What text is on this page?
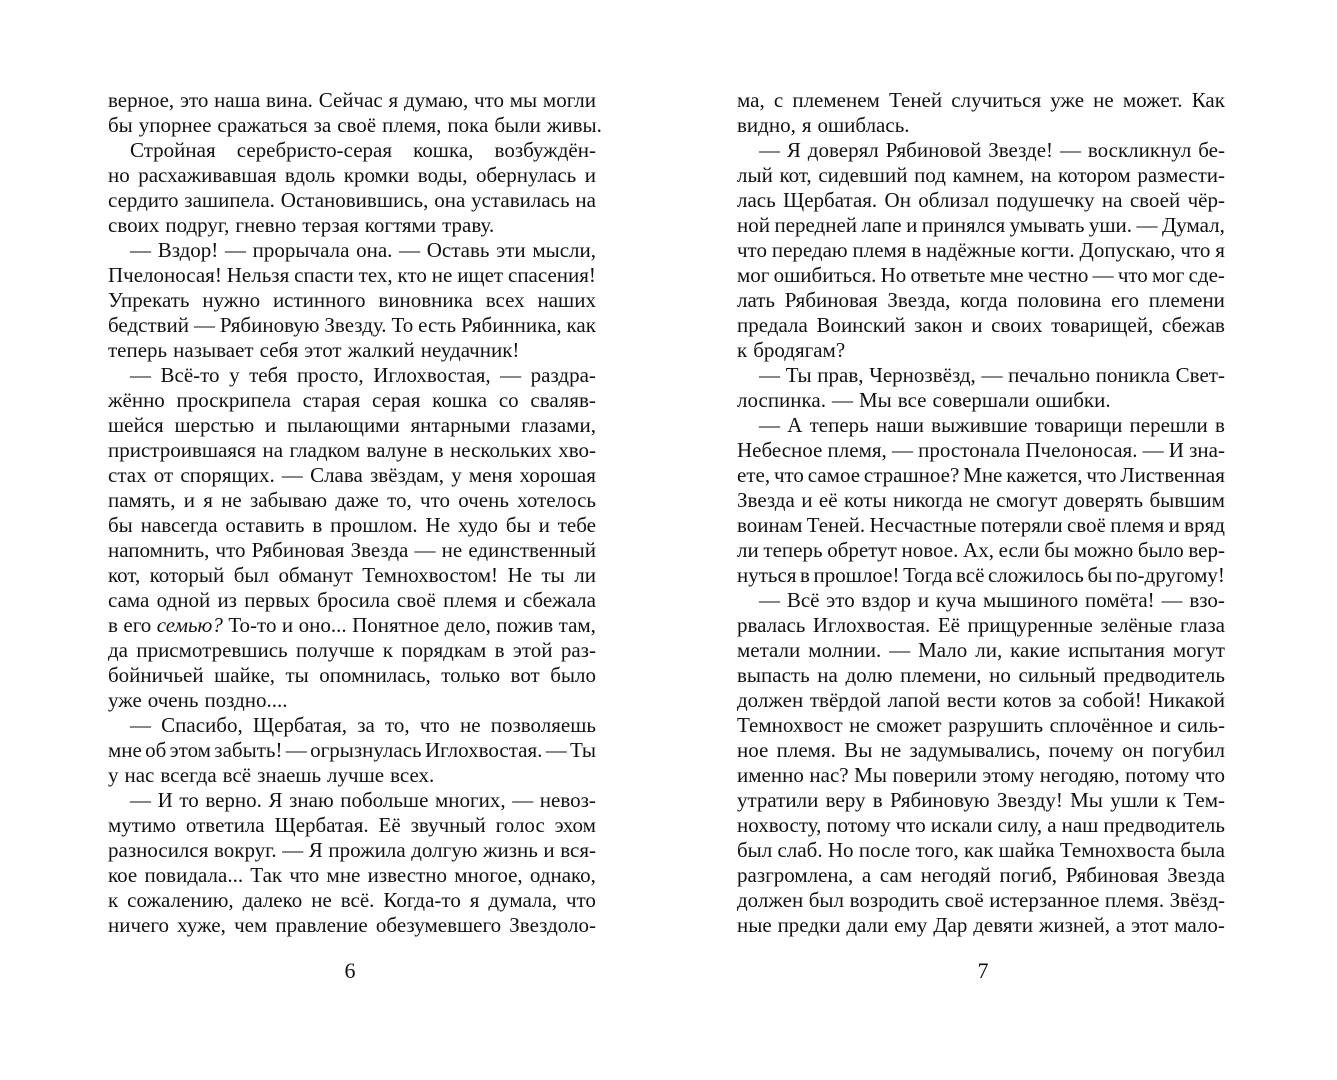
верное, это наша вина. Сейчас я думаю, что мы могли
бы упорнее сражаться за своё племя, пока были живы.
Стройная серебристо-серая кошка, возбуждён-
но расхаживавшая вдоль кромки воды, обернулась и
сердито зашипела. Остановившись, она уставилась на
своих подруг, гневно терзая когтями траву.
— Вздор! — прорычала она. — Оставь эти мысли,
Пчелоносая! Нельзя спасти тех, кто не ищет спасения!
Упрекать нужно истинного виновника всех наших
бедствий — Рябиновую Звезду. То есть Рябинника, как
теперь называет себя этот жалкий неудачник!
— Всё-то у тебя просто, Иглохвостая, — раздра-
жённо проскрипела старая серая кошка со сваляв-
шейся шерстью и пылающими янтарными глазами,
пристроившаяся на гладком валуне в нескольких хво-
стах от спорящих. — Слава звёздам, у меня хорошая
память, и я не забываю даже то, что очень хотелось
бы навсегда оставить в прошлом. Не худо бы и тебе
напомнить, что Рябиновая Звезда — не единственный
кот, который был обманут Темнохвостом! Не ты ли
сама одной из первых бросила своё племя и сбежала
в его семью? То-то и оно... Понятное дело, пожив там,
да присмотревшись получше к порядкам в этой раз-
бойничьей шайке, ты опомнилась, только вот было
уже очень поздно....
— Спасибо, Щербатая, за то, что не позволяешь
мне об этом забыть! — огрызнулась Иглохвостая. — Ты
у нас всегда всё знаешь лучше всех.
— И то верно. Я знаю побольше многих, — невоз-
мутимо ответила Щербатая. Её звучный голос эхом
разносился вокруг. — Я прожила долгую жизнь и вся-
кое повидала... Так что мне известно многое, однако,
к сожалению, далеко не всё. Когда-то я думала, что
ничего хуже, чем правление обезумевшего Звездоло-
ма, с племенем Теней случиться уже не может. Как
видно, я ошиблась.
— Я доверял Рябиновой Звезде! — воскликнул бе-
лый кот, сидевший под камнем, на котором размести-
лась Щербатая. Он облизал подушечку на своей чёр-
ной передней лапе и принялся умывать уши. — Думал,
что передаю племя в надёжные когти. Допускаю, что я
мог ошибиться. Но ответьте мне честно — что мог сде-
лать Рябиновая Звезда, когда половина его племени
предала Воинский закон и своих товарищей, сбежав
к бродягам?
— Ты прав, Чернозвёзд, — печально поникла Свет-
лоспинка. — Мы все совершали ошибки.
— А теперь наши выжившие товарищи перешли в
Небесное племя, — простонала Пчелоносая. — И зна-
ете, что самое страшное? Мне кажется, что Лиственная
Звезда и её коты никогда не смогут доверять бывшим
воинам Теней. Несчастные потеряли своё племя и вряд
ли теперь обретут новое. Ах, если бы можно было вер-
нуться в прошлое! Тогда всё сложилось бы по-другому!
— Всё это вздор и куча мышиного помёта! — взо-
рвалась Иглохвостая. Её прищуренные зелёные глаза
метали молнии. — Мало ли, какие испытания могут
выпасть на долю племени, но сильный предводитель
должен твёрдой лапой вести котов за собой! Никакой
Темнохвост не сможет разрушить сплочённое и силь-
ное племя. Вы не задумывались, почему он погубил
именно нас? Мы поверили этому негодяю, потому что
утратили веру в Рябиновую Звезду! Мы ушли к Тем-
нохвосту, потому что искали силу, а наш предводитель
был слаб. Но после того, как шайка Темнохвоста была
разгромлена, а сам негодяй погиб, Рябиновая Звезда
должен был возродить своё истерзанное племя. Звёзд-
ные предки дали ему Дар девяти жизней, а этот мало-
6	7
